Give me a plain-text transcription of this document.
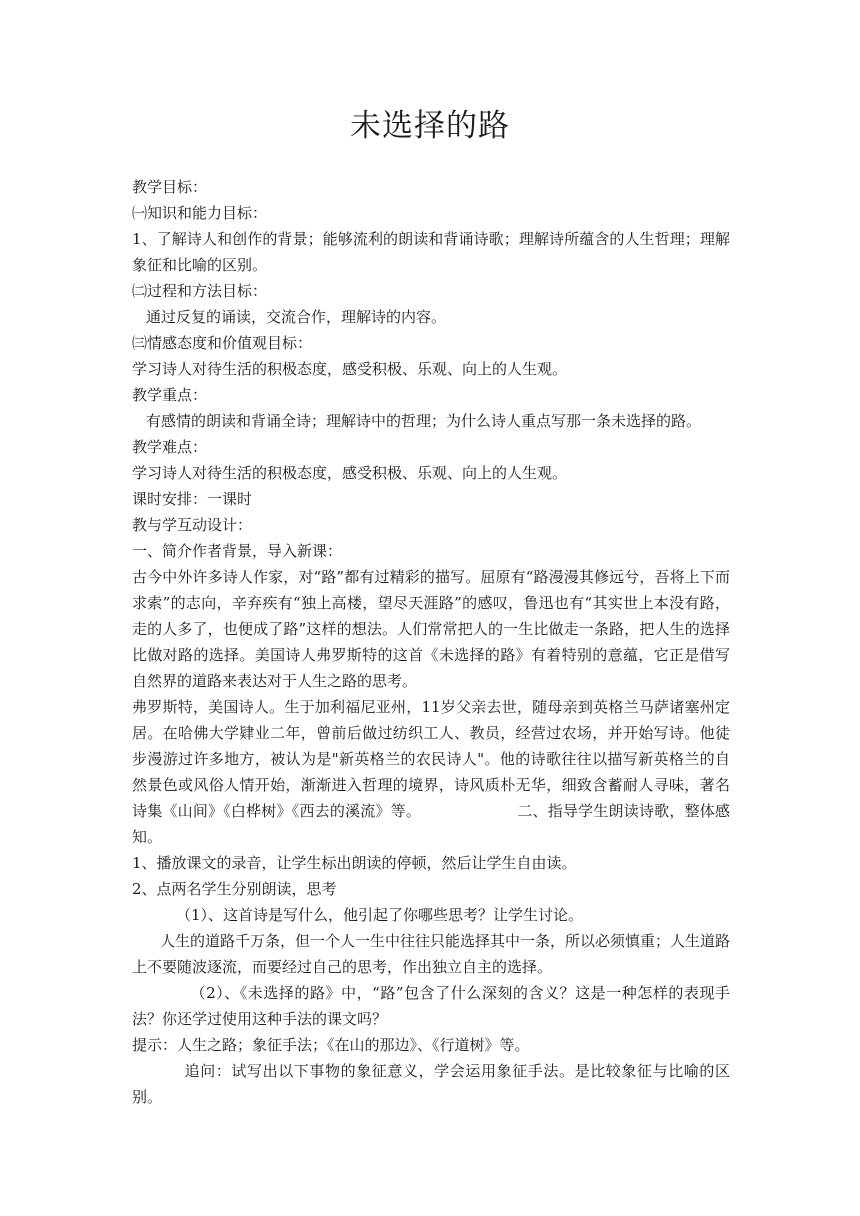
未选择的路

教学目标：

㈠知识和能力目标：

1、了解诗人和创作的背景；能够流利的朗读和背诵诗歌；理解诗所蕴含的人生哲理；理解象征和比喻的区别。

㈡过程和方法目标：

通过反复的诵读，交流合作，理解诗的内容。

㈢情感态度和价值观目标：

学习诗人对待生活的积极态度，感受积极、乐观、向上的人生观。

教学重点：

有感情的朗读和背诵全诗；理解诗中的哲理；为什么诗人重点写那一条未选择的路。

教学难点：

学习诗人对待生活的积极态度，感受积极、乐观、向上的人生观。

课时安排：一课时

教与学互动设计：

一、简介作者背景，导入新课：

古今中外许多诗人作家，对“路”都有过精彩的描写。屈原有“路漫漫其修远兮，吾将上下而求索”的志向，辛弃疾有“独上高楼，望尽天涯路”的感叹，鲁迅也有“其实世上本没有路，走的人多了，也便成了路”这样的想法。人们常常把人的一生比做走一条路，把人生的选择比做对路的选择。美国诗人弗罗斯特的这首《未选择的路》有着特别的意蕴，它正是借写自然界的道路来表达对于人生之路的思考。

弗罗斯特，美国诗人。生于加利福尼亚州，11岁父亲去世，随母亲到英格兰马萨诸塞州定居。在哈佛大学肄业二年，曾前后做过纺织工人、教员，经营过农场，并开始写诗。他徒步漫游过许多地方，被认为是"新英格兰的农民诗人"。他的诗歌往往以描写新英格兰的自然景色或风俗人情开始，渐渐进入哲理的境界，诗风质朴无华，细致含蓄耐人寻味，著名诗集《山间》《白桦树》《西去的溪流》等。	二、指导学生朗读诗歌，整体感知。

1、播放课文的录音，让学生标出朗读的停顿，然后让学生自由读。

2、点两名学生分别朗读，思考

（1）、这首诗是写什么，他引起了你哪些思考？让学生讨论。

人生的道路千万条，但一个人一生中往往只能选择其中一条，所以必须慎重；人生道路上不要随波逐流，而要经过自己的思考，作出独立自主的选择。

（2）、《未选择的路》中，“路”包含了什么深刻的含义？这是一种怎样的表现手法？你还学过使用这种手法的课文吗？

提示：人生之路；象征手法；《在山的那边》、《行道树》等。

追问：试写出以下事物的象征意义，学会运用象征手法。是比较象征与比喻的区别。
